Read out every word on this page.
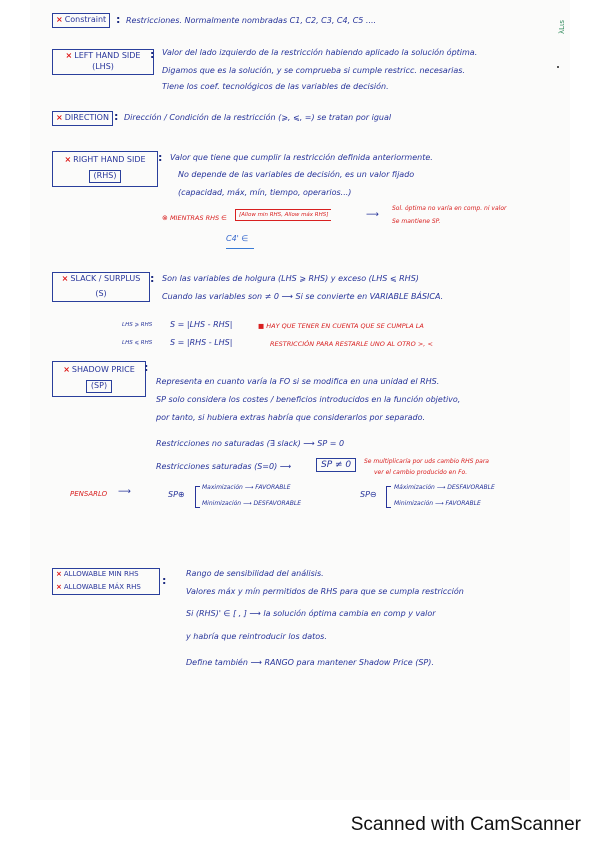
λLιs
× Constraint : Restricciones. Normalmente nombradas C1, C2, C3, C4, C5 ....
× LEFT HAND SIDE
(LHS)
: Valor del lado izquierdo de la restricción habiendo aplicado la solución óptima.
Digamos que es la solución, y se comprueba si cumple restricc. necesarias.
Tiene los coef. tecnológicos de las variables de decisión.
× DIRECTION : Dirección / Condición de la restricción (⩾, ⩽, =) se tratan por igual
× RIGHT HAND SIDE
(RHS)
: Valor que tiene que cumplir la restricción definida anteriormente.
No depende de las variables de decisión, es un valor fijado
(capacidad, máx, mín, tiempo, operarios...)
⊗ MIENTRAS RHS ∈	[Allow min RHS, Allow máx RHS]	⟶
Sol. óptima no varía en comp. ni valor
Se mantiene SP.
C4' ∈
× SLACK / SURPLUS
(S)
: Son las variables de holgura (LHS ⩾ RHS) y exceso (LHS ⩽ RHS)
Cuando las variables son ≠ 0 ⟶ Si se convierte en VARIABLE BÁSICA.
LHS ⩾ RHS S = |LHS - RHS|
LHS ⩽ RHS S = |RHS - LHS|
■ HAY QUE TENER EN CUENTA QUE SE CUMPLA LA
RESTRICCIÓN PARA RESTARLE UNO AL OTRO >, <
× SHADOW PRICE
(SP)
:
Representa en cuanto varía la FO si se modifica en una unidad el RHS.
SP solo considera los costes / beneficios introducidos en la función objetivo,
por tanto, si hubiera extras habría que considerarlos por separado.
Restricciones no saturadas (∃ slack) ⟶ SP = 0
Restricciones saturadas (S=0) ⟶	SP ≠ 0	Se multiplicaría por uds cambio RHS para
ver el cambio producido en Fo.
PENSARLO ⟶	SP⊕
Maximización ⟶ FAVORABLE
Minimización ⟶ DESFAVORABLE
SP⊖
Máximización ⟶ DESFAVORABLE
Minimización ⟶ FAVORABLE
× ALLOWABLE MIN RHS
× ALLOWABLE MÁX RHS
:
Rango de sensibilidad del análisis.
Valores máx y mín permitidos de RHS para que se cumpla restricción
Si (RHS)' ∈ [ , ] ⟶ la solución óptima cambia en comp y valor
y habría que reintroducir los datos.
Define también ⟶ RANGO para mantener Shadow Price (SP).
Scanned with CamScanner
